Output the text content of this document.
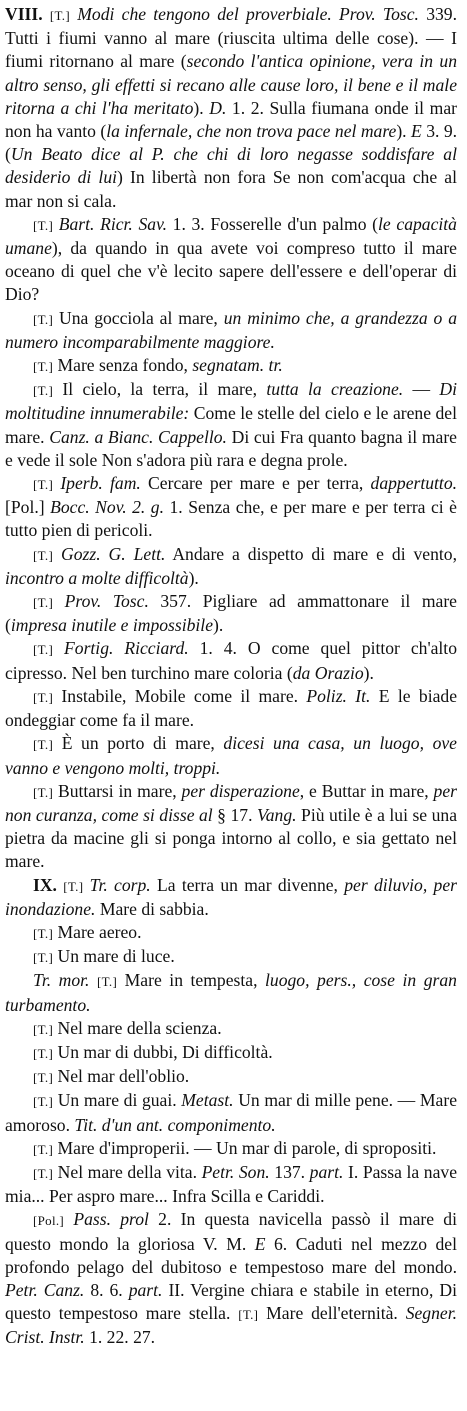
VIII. [T.] Modi che tengono del proverbiale. Prov. Tosc. 339. Tutti i fiumi vanno al mare (riuscita ultima delle cose). — I fiumi ritornano al mare (secondo l'antica opinione, vera in un altro senso, gli effetti si recano alle cause loro, il bene e il male ritorna a chi l'ha meritato). D. 1. 2. Sulla fiumana onde il mar non ha vanto (la infernale, che non trova pace nel mare). E 3. 9. (Un Beato dice al P. che chi di loro negasse soddisfare al desiderio di lui) In libertà non fora Se non com'acqua che al mar non si cala.

[T.] Bart. Ricr. Sav. 1. 3. Fosserelle d'un palmo (le capacità umane), da quando in qua avete voi compreso tutto il mare oceano di quel che v'è lecito sapere dell'essere e dell'operar di Dio?

[T.] Una gocciola al mare, un minimo che, a grandezza o a numero incomparabilmente maggiore.

[T.] Mare senza fondo, segnatam. tr.

[T.] Il cielo, la terra, il mare, tutta la creazione. — Di moltitudine innumerabile: Come le stelle del cielo e le arene del mare. Canz. a Bianc. Cappello. Di cui Fra quanto bagna il mare e vede il sole Non s'adora più rara e degna prole.

[T.] Iperb. fam. Cercare per mare e per terra, dappertutto. [Pol.] Bocc. Nov. 2. g. 1. Senza che, e per mare e per terra ci è tutto pien di pericoli.

[T.] Gozz. G. Lett. Andare a dispetto di mare e di vento, incontro a molte difficoltà).

[T.] Prov. Tosc. 357. Pigliare ad ammattonare il mare (impresa inutile e impossibile).

[T.] Fortig. Ricciard. 1. 4. O come quel pittor ch'alto cipresso. Nel ben turchino mare coloria (da Orazio).

[T.] Instabile, Mobile come il mare. Poliz. It. E le biade ondeggiar come fa il mare.

[T.] È un porto di mare, dicesi una casa, un luogo, ove vanno e vengono molti, troppi.

[T.] Buttarsi in mare, per disperazione, e Buttar in mare, per non curanza, come si disse al § 17. Vang. Più utile è a lui se una pietra da macine gli si ponga intorno al collo, e sia gettato nel mare.

IX. [T.] Tr. corp. La terra un mar divenne, per diluvio, per inondazione. Mare di sabbia.

[T.] Mare aereo.

[T.] Un mare di luce.

Tr. mor. [T.] Mare in tempesta, luogo, pers., cose in gran turbamento.

[T.] Nel mare della scienza.

[T.] Un mar di dubbi, Di difficoltà.

[T.] Nel mar dell'oblio.

[T.] Un mare di guai. Metast. Un mar di mille pene. — Mare amoroso. Tit. d'un ant. componimento.

[T.] Mare d'improperii. — Un mar di parole, di spropositi.

[T.] Nel mare della vita. Petr. Son. 137. part. I. Passa la nave mia... Per aspro mare... Infra Scilla e Cariddi.

[Pol.] Pass. prol 2. In questa navicella passò il mare di questo mondo la gloriosa V. M. E 6. Caduti nel mezzo del profondo pelago del dubitoso e tempestoso mare del mondo. Petr. Canz. 8. 6. part. II. Vergine chiara e stabile in eterno, Di questo tempestoso mare stella. [T.] Mare dell'eternità. Segner. Crist. Instr. 1. 22. 27.
